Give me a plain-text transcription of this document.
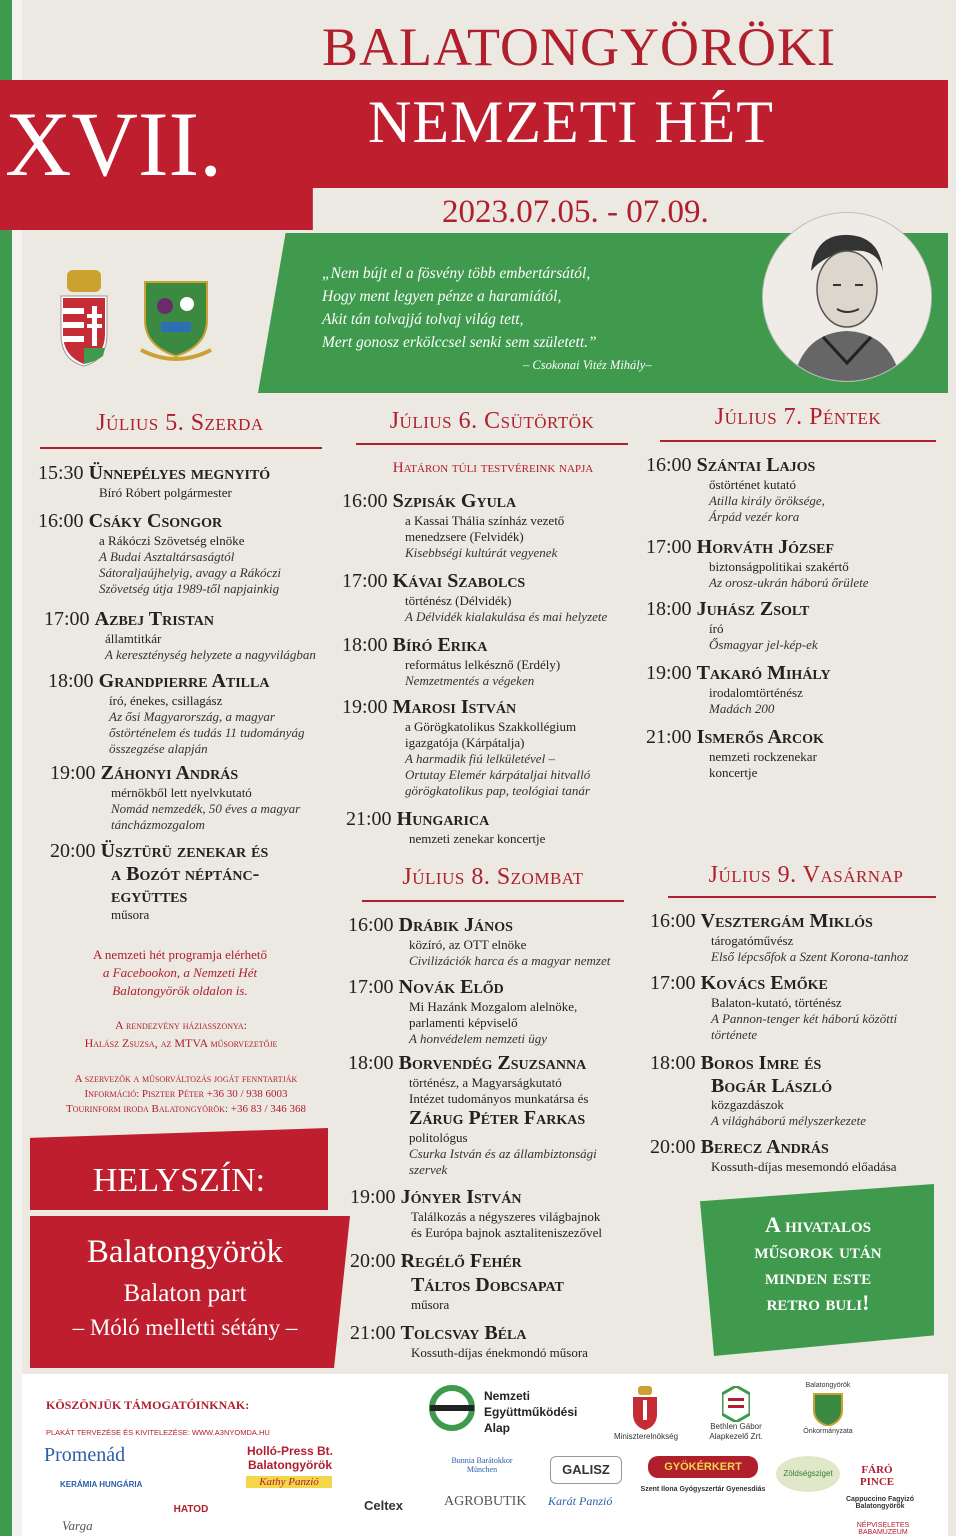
BALATONGYÖRÖKI
XVII. NEMZETI HÉT
2023.07.05. - 07.09.
„Nem bújt el a fösvény több embertársától,
Hogy ment legyen pénze a haramiától,
Akit tán tolvajjá tolvaj világ tett,
Mert gonosz erkölccsel senki sem született.”
– Csokonai Vitéz Mihály–
Július 5. Szerda
15:30 Ünnepélyes megnyitó
Bíró Róbert polgármester
16:00 Csáky Csongor
a Rákóczi Szövetség elnöke
A Budai Asztaltársaságtól
Sátoraljaújhelyig, avagy a Rákóczi
Szövetség útja 1989-től napjainkig
17:00 Azbej Tristan
államtitkár
A kereszténység helyzete a nagyvilágban
18:00 Grandpierre Atilla
író, énekes, csillagász
Az ősi Magyarország, a magyar
őstörténelem és tudás 11 tudományág
összegzése alapján
19:00 Záhonyi András
mérnökből lett nyelvkutató
Nomád nemzedék, 50 éves a magyar
táncházmozgalom
20:00 Üsztürü zenekar és
a Bozót néptánc-
együttes
műsora
A nemzeti hét programja elérhető
a Facebookon, a Nemzeti Hét
Balatongyörök oldalon is.
A rendezvény háziasszonya:
Halász Zsuzsa, az MTVA műsorvezetője
A szervezők a műsorváltozás jogát fenntartják
Információ: Piszter Péter +36 30 / 938 6003
Tourinform iroda Balatongyörök: +36 83 / 346 368
HELYSZÍN:
Balatongyörök
Balaton part
– Móló melletti sétány –
Július 6. Csütörtök
Határon túli testvéreink napja
16:00 Szpisák Gyula
a Kassai Thália színház vezető
menedzsere (Felvidék)
Kisebbségi kultúrát vegyenek
17:00 Kávai Szabolcs
történész (Délvidék)
A Délvidék kialakulása és mai helyzete
18:00 Bíró Erika
református lelkésznő (Erdély)
Nemzetmentés a végeken
19:00 Marosi István
a Görögkatolikus Szakkollégium
igazgatója (Kárpátalja)
A harmadik fiú lelkületével –
Ortutay Elemér kárpátaljai hitvalló
görögkatolikus pap, teológiai tanár
21:00 Hungarica
nemzeti zenekar koncertje
Július 8. Szombat
16:00 Drábik János
közíró, az OTT elnöke
Civilizációk harca és a magyar nemzet
17:00 Novák Előd
Mi Hazánk Mozgalom alelnöke,
parlamenti képviselő
A honvédelem nemzeti ügy
18:00 Borvendég Zsuzsanna
történész, a Magyarságkutató
Intézet tudományos munkatársa és
Zárug Péter Farkas
politológus
Csurka István és az állambiztonsági
szervek
19:00 Jónyer István
Találkozás a négyszeres világbajnok
és Európa bajnok asztaliteniszezővel
20:00 Regélő Fehér
Táltos Dobcsapat
műsora
21:00 Tolcsvay Béla
Kossuth-díjas énekmondó műsora
Július 7. Péntek
16:00 Szántai Lajos
őstörténet kutató
Atilla király öröksége,
Árpád vezér kora
17:00 Horváth József
biztonságpolitikai szakértő
Az orosz-ukrán háború őrülete
18:00 Juhász Zsolt
író
Ősmagyar jel-kép-ek
19:00 Takaró Mihály
irodalomtörténész
Madách 200
21:00 Ismerős Arcok
nemzeti rockzenekar
koncertje
Július 9. Vasárnap
16:00 Vesztergám Miklós
tárogatóművész
Első lépcsőfok a Szent Korona-tanhoz
17:00 Kovács Emőke
Balaton-kutató, történész
A Pannon-tenger két háború közötti
története
18:00 Boros Imre és
Bogár László
közgazdászok
A világháború mélyszerkezete
20:00 Berecz András
Kossuth-díjas mesemondó előadása
A hivatalos
műsorok után
minden este
retro buli!
KÖSZÖNJÜK TÁMOGATÓINKNAK:
PLAKÁT TERVEZÉSE ÉS KIVITELEZÉSE: WWW.A3NYOMDA.HU
Nemzeti
Együttműködési
Alap
Miniszterelnökség
Bethlen Gábor
Alapkezelő Zrt.
Balatongyörök
Önkormányzata
Promenád
KERÁMIA HUNGÁRIA
Varga
Holló-Press Bt.
Balatongyörök
Kathy Panzió
HATOD	Celtex
Bunnia Barátokkor München
AGROBUTIK
GALISZ
Karát Panzió
GYÖKÉRKERT
Szent Ilona Gyógyszertár Gyenesdiás
Zöldségsziget	FÁRÓ PINCE
Cappuccino Fagyizó Balatongyörök
NÉPVISELETES BABAMÚZEUM
